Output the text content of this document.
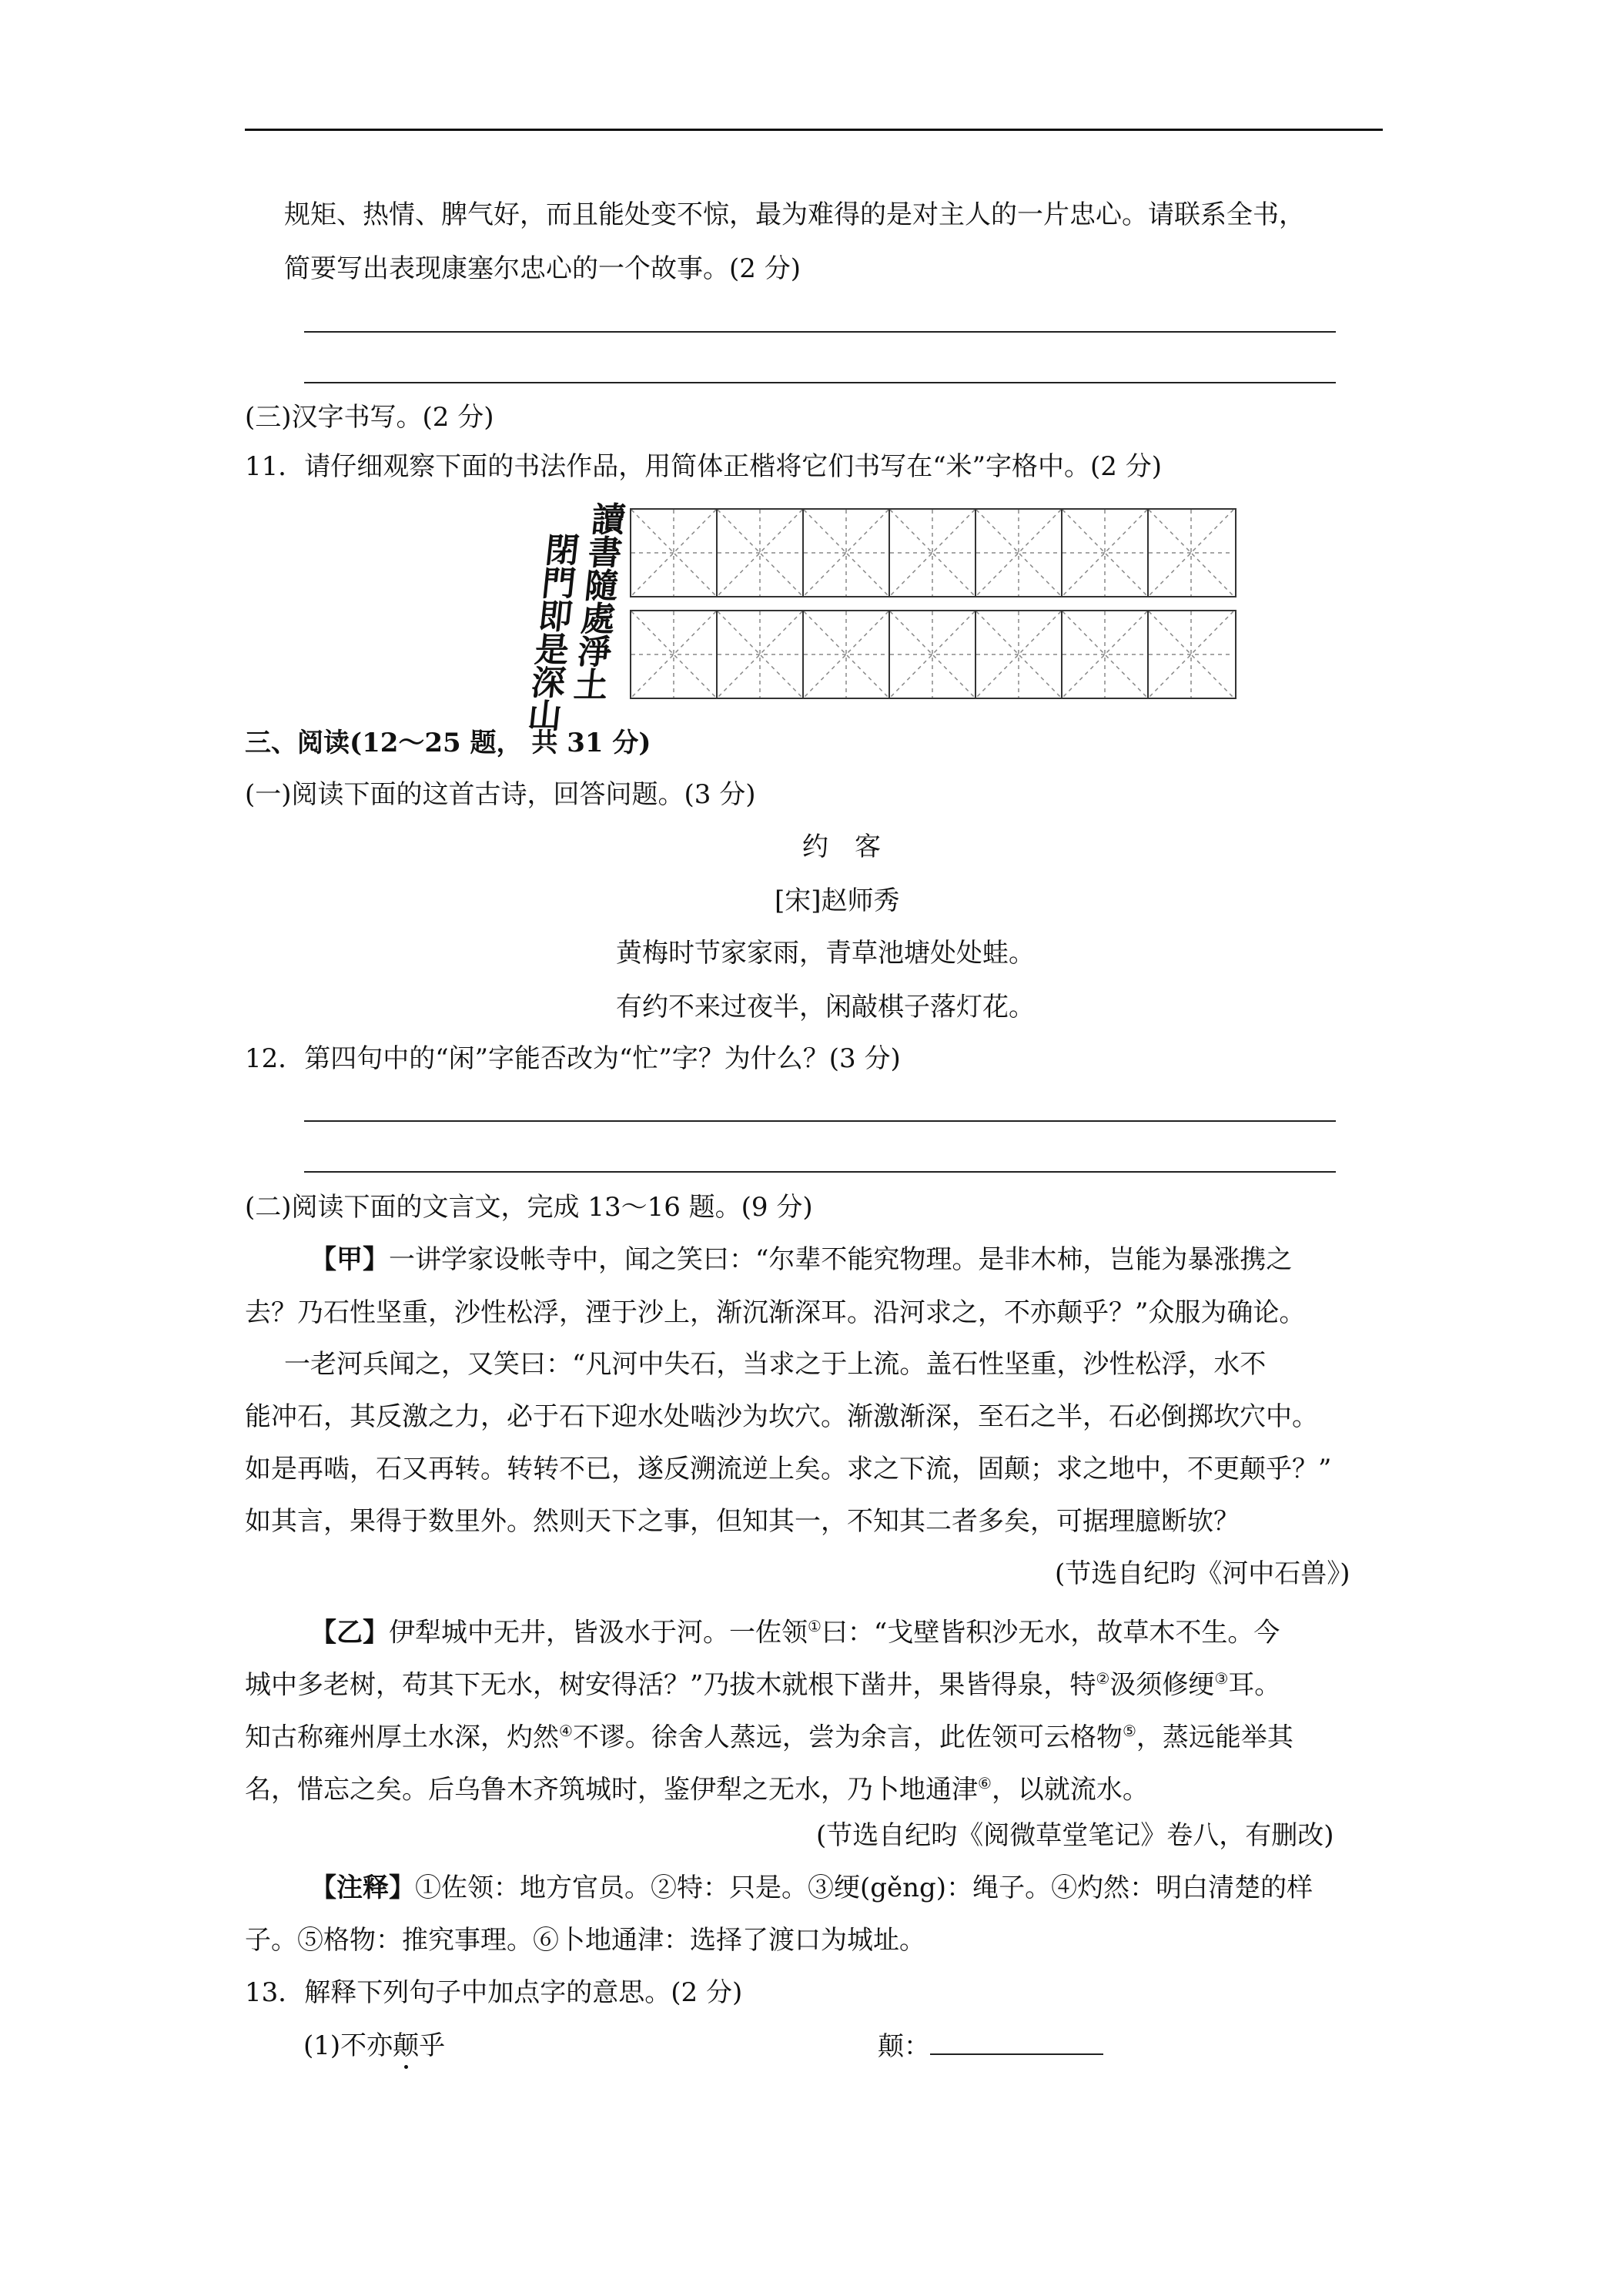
规矩、热情、脾气好，而且能处变不惊，最为难得的是对主人的一片忠心。请联系全书，
简要写出表现康塞尔忠心的一个故事。(2 分)
(三)汉字书写。(2 分)
11．请仔细观察下面的书法作品，用简体正楷将它们书写在“米”字格中。(2 分)
閉
門
即
是
深
山
讀
書
隨
處
淨
土
三、阅读(12～25 题， 共 31 分)
(一)阅读下面的这首古诗，回答问题。(3 分)
约　客
[宋]赵师秀
黄梅时节家家雨，青草池塘处处蛙。
有约不来过夜半，闲敲棋子落灯花。
12．第四句中的“闲”字能否改为“忙”字？为什么？(3 分)
(二)阅读下面的文言文，完成 13～16 题。(9 分)
【甲】一讲学家设帐寺中，闻之笑曰：“尔辈不能究物理。是非木柿，岂能为暴涨携之
去？乃石性坚重，沙性松浮，湮于沙上，渐沉渐深耳。沿河求之，不亦颠乎？”众服为确论。
一老河兵闻之，又笑曰：“凡河中失石，当求之于上流。盖石性坚重，沙性松浮，水不
能冲石，其反激之力，必于石下迎水处啮沙为坎穴。渐激渐深，至石之半，石必倒掷坎穴中。
如是再啮，石又再转。转转不已，遂反溯流逆上矣。求之下流，固颠；求之地中，不更颠乎？”
如其言，果得于数里外。然则天下之事，但知其一，不知其二者多矣，可据理臆断欤？
(节选自纪昀《河中石兽》)
【乙】伊犁城中无井，皆汲水于河。一佐领①曰：“戈壁皆积沙无水，故草木不生。今
城中多老树，苟其下无水，树安得活？”乃拔木就根下凿井，果皆得泉，特②汲须修绠③耳。
知古称雍州厚土水深，灼然④不谬。徐舍人蒸远，尝为余言，此佐领可云格物⑤，蒸远能举其
名，惜忘之矣。后乌鲁木齐筑城时，鉴伊犁之无水，乃卜地通津⑥，以就流水。
(节选自纪昀《阅微草堂笔记》卷八，有删改)
【注释】①佐领：地方官员。②特：只是。③绠(gěng)：绳子。④灼然：明白清楚的样
子。⑤格物：推究事理。⑥卜地通津：选择了渡口为城址。
13．解释下列句子中加点字的意思。(2 分)
(1)不亦颠乎	颠：
